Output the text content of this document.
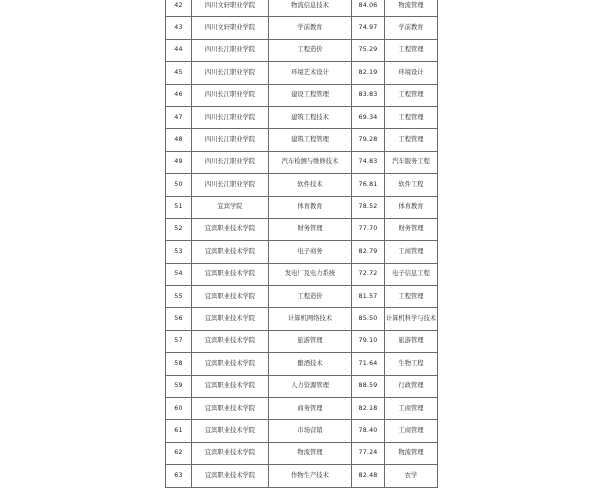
42	四川文轩职业学院	物流信息技术	84.06	物流管理
43	四川文轩职业学院	学前教育	74.97	学前教育
44	四川长江职业学院	工程造价	75.29	工程管理
45	四川长江职业学院	环境艺术设计	82.19	环境设计
46	四川长江职业学院	建设工程管理	83.83	工程管理
47	四川长江职业学院	建筑工程技术	69.34	工程管理
48	四川长江职业学院	建筑工程管理	79.28	工程管理
49	四川长江职业学院	汽车检测与维修技术	74.83	汽车服务工程
50	四川长江职业学院	软件技术	76.81	软件工程
51	宜宾学院	体育教育	78.52	体育教育
52	宜宾职业技术学院	财务管理	77.70	财务管理
53	宜宾职业技术学院	电子商务	82.79	工商管理
54	宜宾职业技术学院	发电厂及电力系统	72.72	电子信息工程
55	宜宾职业技术学院	工程造价	81.57	工程管理
56	宜宾职业技术学院	计算机网络技术	85.50	计算机科学与技术
57	宜宾职业技术学院	旅游管理	79.10	旅游管理
58	宜宾职业技术学院	酿酒技术	71.64	生物工程
59	宜宾职业技术学院	人力资源管理	88.59	行政管理
60	宜宾职业技术学院	商务管理	82.18	工商管理
61	宜宾职业技术学院	市场营销	78.40	工商管理
62	宜宾职业技术学院	物流管理	77.24	物流管理
63	宜宾职业技术学院	作物生产技术	82.48	农学
